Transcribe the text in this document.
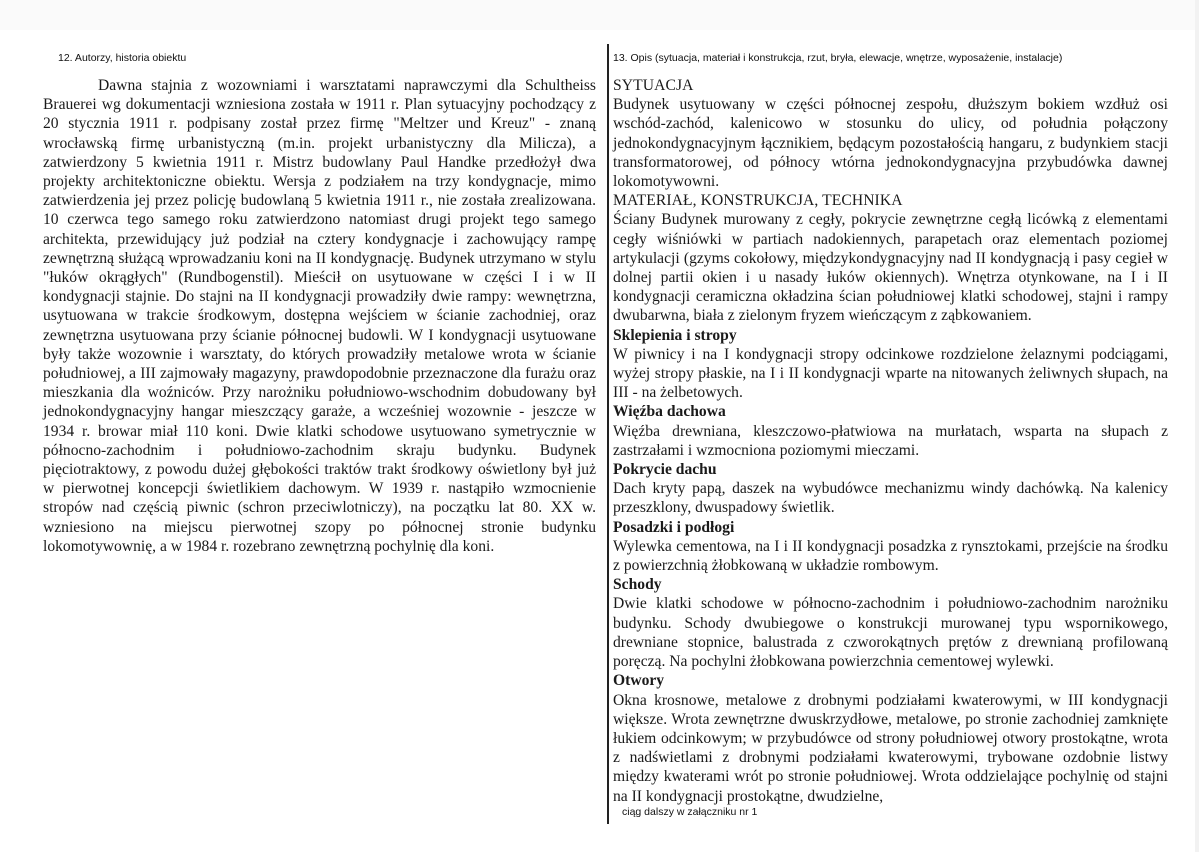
12. Autorzy, historia obiektu

Dawna stajnia z wozowniami i warsztatami naprawczymi dla Schultheiss Brauerei wg dokumentacji wzniesiona została w 1911 r. Plan sytuacyjny pochodzący z 20 stycznia 1911 r. podpisany został przez firmę "Meltzer und Kreuz" - znaną wrocławską firmę urbanistyczną (m.in. projekt urbanistyczny dla Milicza), a zatwierdzony 5 kwietnia 1911 r. Mistrz budowlany Paul Handke przedłożył dwa projekty architektoniczne obiektu. Wersja z podziałem na trzy kondygnacje, mimo zatwierdzenia jej przez policję budowlaną 5 kwietnia 1911 r., nie została zrealizowana. 10 czerwca tego samego roku zatwierdzono natomiast drugi projekt tego samego architekta, przewidujący już podział na cztery kondygnacje i zachowujący rampę zewnętrzną służącą wprowadzaniu koni na II kondygnację. Budynek utrzymano w stylu "łuków okrągłych" (Rundbogenstil). Mieścił on usytuowane w części I i w II kondygnacji stajnie. Do stajni na II kondygnacji prowadziły dwie rampy: wewnętrzna, usytuowana w trakcie środkowym, dostępna wejściem w ścianie zachodniej, oraz zewnętrzna usytuowana przy ścianie północnej budowli. W I kondygnacji usytuowane były także wozownie i warsztaty, do których prowadziły metalowe wrota w ścianie południowej, a III zajmowały magazyny, prawdopodobnie przeznaczone dla furażu oraz mieszkania dla woźniców. Przy narożniku południowo-wschodnim dobudowany był jednokondygnacyjny hangar mieszczący garaże, a wcześniej wozownie - jeszcze w 1934 r. browar miał 110 koni. Dwie klatki schodowe usytuowano symetrycznie w północno-zachodnim i południowo-zachodnim skraju budynku. Budynek pięciotraktowy, z powodu dużej głębokości traktów trakt środkowy oświetlony był już w pierwotnej koncepcji świetlikiem dachowym. W 1939 r. nastąpiło wzmocnienie stropów nad częścią piwnic (schron przeciwlotniczy), na początku lat 80. XX w. wzniesiono na miejscu pierwotnej szopy po północnej stronie budynku lokomotywownię, a w 1984 r. rozebrano zewnętrzną pochylnię dla koni.

13. Opis (sytuacja, materiał i konstrukcja, rzut, bryła, elewacje, wnętrze, wyposażenie, instalacje)

SYTUACJA

Budynek usytuowany w części północnej zespołu, dłuższym bokiem wzdłuż osi wschód-zachód, kalenicowo w stosunku do ulicy, od południa połączony jednokondygnacyjnym łącznikiem, będącym pozostałością hangaru, z budynkiem stacji transformatorowej, od północy wtórna jednokondygnacyjna przybudówka dawnej lokomotywowni.

MATERIAŁ, KONSTRUKCJA, TECHNIKA

Ściany Budynek murowany z cegły, pokrycie zewnętrzne cegłą licówką z elementami cegły wiśniówki w partiach nadokiennych, parapetach oraz elementach poziomej artykulacji (gzyms cokołowy, międzykondygnacyjny nad II kondygnacją i pasy cegieł w dolnej partii okien i u nasady łuków okiennych). Wnętrza otynkowane, na I i II kondygnacji ceramiczna okładzina ścian południowej klatki schodowej, stajni i rampy dwubarwna, biała z zielonym fryzem wieńczącym z ząbkowaniem.

Sklepienia i stropy

W piwnicy i na I kondygnacji stropy odcinkowe rozdzielone żelaznymi podciągami, wyżej stropy płaskie, na I i II kondygnacji wparte na nitowanych żeliwnych słupach, na III - na żelbetowych.

Więźba dachowa

Więźba drewniana, kleszczowo-płatwiowa na murłatach, wsparta na słupach z zastrzałami i wzmocniona poziomymi mieczami.

Pokrycie dachu

Dach kryty papą, daszek na wybudówce mechanizmu windy dachówką. Na kalenicy przeszklony, dwuspadowy świetlik.

Posadzki i podłogi

Wylewka cementowa, na I i II kondygnacji posadzka z rynsztokami, przejście na środku z powierzchnią żłobkowaną w układzie rombowym.

Schody

Dwie klatki schodowe w północno-zachodnim i południowo-zachodnim narożniku budynku. Schody dwubiegowe o konstrukcji murowanej typu wspornikowego, drewniane stopnice, balustrada z czworokątnych prętów z drewnianą profilowaną poręczą. Na pochylni żłobkowana powierzchnia cementowej wylewki.

Otwory

Okna krosnowe, metalowe z drobnymi podziałami kwaterowymi, w III kondygnacji większe. Wrota zewnętrzne dwuskrzydłowe, metalowe, po stronie zachodniej zamknięte łukiem odcinkowym; w przybudówce od strony południowej otwory prostokątne, wrota z nadświetlami z drobnymi podziałami kwaterowymi, trybowane ozdobnie listwy między kwaterami wrót po stronie południowej. Wrota oddzielające pochylnię od stajni na II kondygnacji prostokątne, dwudzielne,

ciąg dalszy w załączniku nr 1
